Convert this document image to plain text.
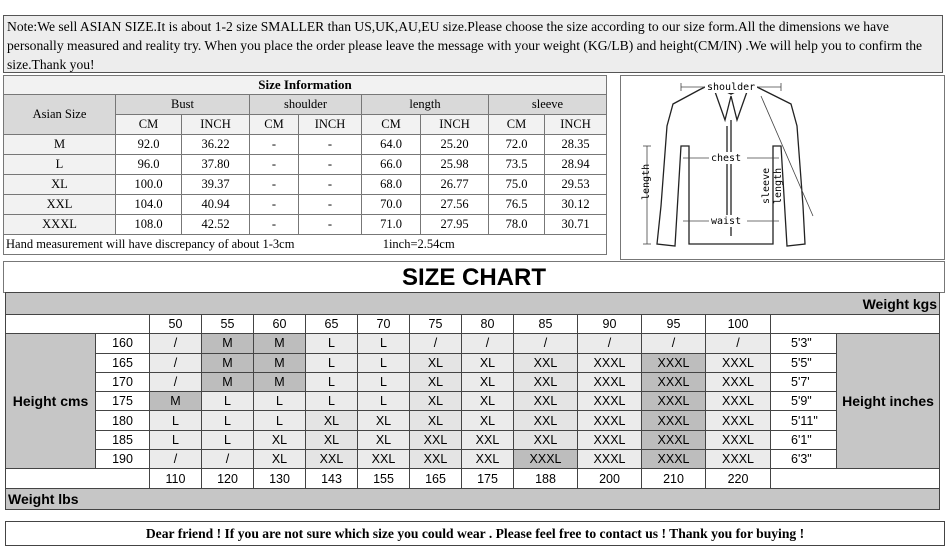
Note:We sell ASIAN SIZE.It is about 1-2 size SMALLER than US,UK,AU,EU size.Please choose the size according to our size form.All the dimensions we have personally measured and reality try. When you place the order please leave the message with your weight (KG/LB) and height(CM/IN) .We will help you to confirm the size.Thank you!
Size Information								
Asian Size	Bust		shoulder		length		sleeve	
	CM	INCH	CM	INCH	CM	INCH	CM	INCH
M	92.0	36.22	-	-	64.0	25.20	72.0	28.35
L	96.0	37.80	-	-	66.0	25.98	73.5	28.94
XL	100.0	39.37	-	-	68.0	26.77	75.0	29.53
XXL	104.0	40.94	-	-	70.0	27.56	76.5	30.12
XXXL	108.0	42.52	-	-	71.0	27.95	78.0	30.71
Hand measurement will have discrepancy of about 1-3cm 1inch=2.54cm								
shoulder
chest
waist
length	sleeve length
SIZE CHART
Weight kgs														
		50	55	60	65	70	75	80	85	90	95	100		
Height cms	160	/	M	M	L	L	/	/	/	/	/	/	5'3"	Height inches
	165	/	M	M	L	L	XL	XL	XXL	XXXL	XXXL	XXXL	5'5"	
	170	/	M	M	L	L	XL	XL	XXL	XXXL	XXXL	XXXL	5'7'	
	175	M	L	L	L	L	XL	XL	XXL	XXXL	XXXL	XXXL	5'9"	
	180	L	L	L	XL	XL	XL	XL	XXL	XXXL	XXXL	XXXL	5'11"	
	185	L	L	XL	XL	XL	XXL	XXL	XXL	XXXL	XXXL	XXXL	6'1"	
	190	/	/	XL	XXL	XXL	XXL	XXL	XXXL	XXXL	XXXL	XXXL	6'3"	
		110	120	130	143	155	165	175	188	200	210	220		
Weight lbs														
Dear friend ! If you are not sure which size you could wear . Please feel free to contact us ! Thank you for buying !
